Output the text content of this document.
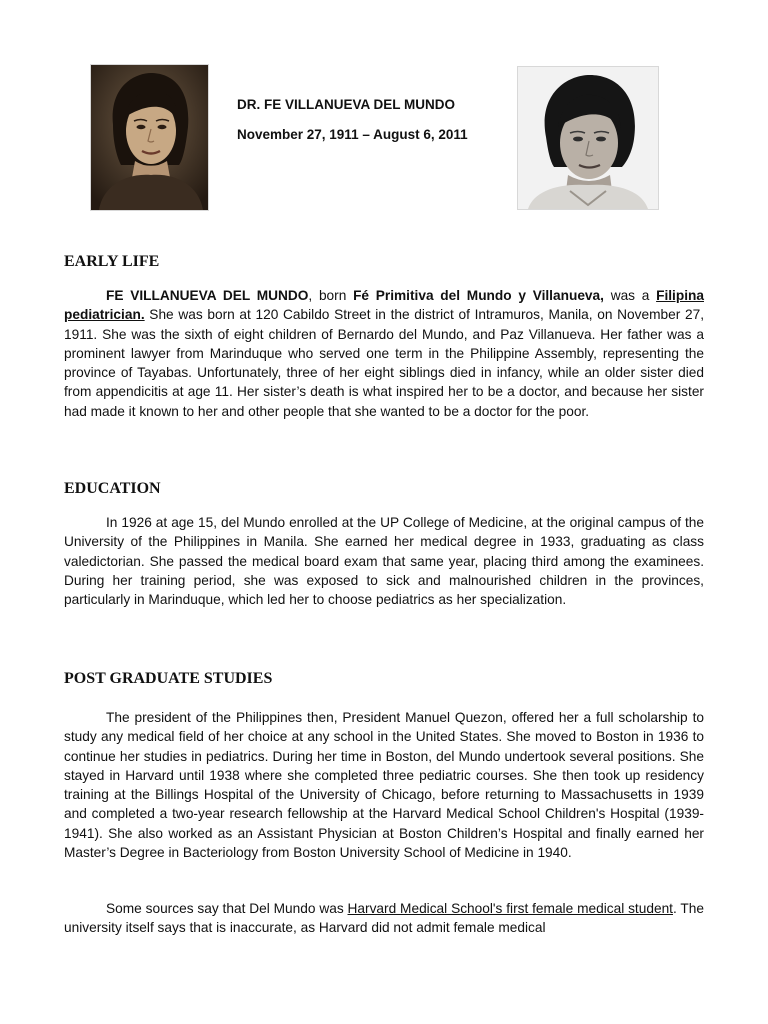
DR. FE VILLANUEVA DEL MUNDO
November 27, 1911 – August 6, 2011
EARLY LIFE

FE VILLANUEVA DEL MUNDO, born Fé Primitiva del Mundo y Villanueva, was a Filipina pediatrician. She was born at 120 Cabildo Street in the district of Intramuros, Manila, on November 27, 1911. She was the sixth of eight children of Bernardo del Mundo, and Paz Villanueva. Her father was a prominent lawyer from Marinduque who served one term in the Philippine Assembly, representing the province of Tayabas. Unfortunately, three of her eight siblings died in infancy, while an older sister died from appendicitis at age 11. Her sister’s death is what inspired her to be a doctor, and because her sister had made it known to her and other people that she wanted to be a doctor for the poor.

EDUCATION

In 1926 at age 15, del Mundo enrolled at the UP College of Medicine, at the original campus of the University of the Philippines in Manila. She earned her medical degree in 1933, graduating as class valedictorian. She passed the medical board exam that same year, placing third among the examinees. During her training period, she was exposed to sick and malnourished children in the provinces, particularly in Marinduque, which led her to choose pediatrics as her specialization.

POST GRADUATE STUDIES

The president of the Philippines then, President Manuel Quezon, offered her a full scholarship to study any medical field of her choice at any school in the United States. She moved to Boston in 1936 to continue her studies in pediatrics. During her time in Boston, del Mundo undertook several positions. She stayed in Harvard until 1938 where she completed three pediatric courses. She then took up residency training at the Billings Hospital of the University of Chicago, before returning to Massachusetts in 1939 and completed a two-year research fellowship at the Harvard Medical School Children's Hospital (1939-1941). She also worked as an Assistant Physician at Boston Children’s Hospital and finally earned her Master’s Degree in Bacteriology from Boston University School of Medicine in 1940.

Some sources say that Del Mundo was Harvard Medical School's first female medical student. The university itself says that is inaccurate, as Harvard did not admit female medical
